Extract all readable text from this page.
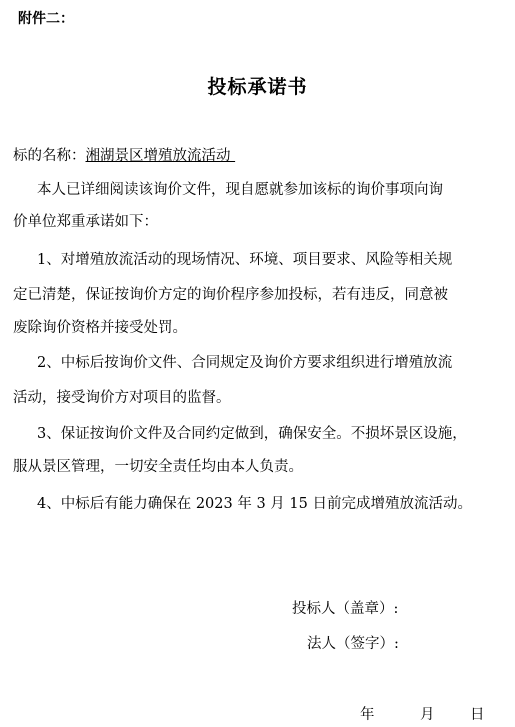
附件二：
投标承诺书
标的名称：湘湖景区增殖放流活动
本人已详细阅读该询价文件，现自愿就参加该标的询价事项向询
价单位郑重承诺如下：
1、对增殖放流活动的现场情况、环境、项目要求、风险等相关规
定已清楚，保证按询价方定的询价程序参加投标，若有违反，同意被
废除询价资格并接受处罚。
2、中标后按询价文件、合同规定及询价方要求组织进行增殖放流
活动，接受询价方对项目的监督。
3、保证按询价文件及合同约定做到，确保安全。不损坏景区设施，
服从景区管理，一切安全责任均由本人负责。
4、中标后有能力确保在 2023 年 3 月 15 日前完成增殖放流活动。
投标人（盖章）:
法人（签字）:
年	月 日
